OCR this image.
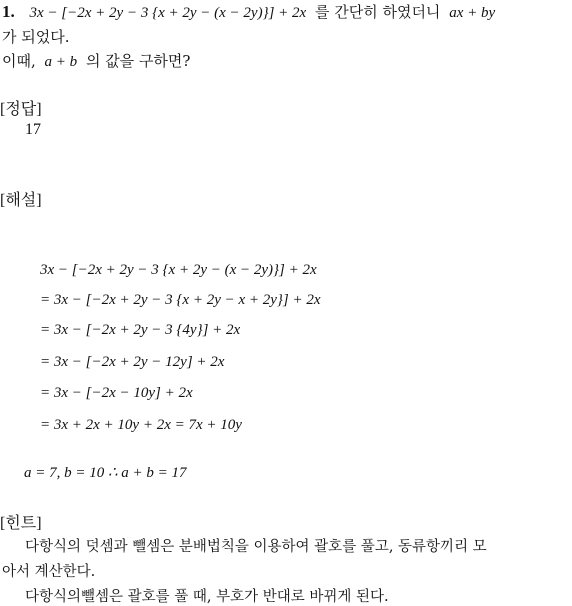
1. 3x − [−2x + 2y − 3 {x + 2y − (x − 2y)}] + 2x 를 간단히 하였더니 ax + by
가 되었다.
이때, a + b 의 값을 구하면?
[정답]
17
[해설]
3x − [−2x + 2y − 3 {x + 2y − (x − 2y)}] + 2x
= 3x − [−2x + 2y − 3 {x + 2y − x + 2y}] + 2x
= 3x − [−2x + 2y − 3 {4y}] + 2x
= 3x − [−2x + 2y − 12y] + 2x
= 3x − [−2x − 10y] + 2x
= 3x + 2x + 10y + 2x = 7x + 10y
a = 7, b = 10 ∴ a + b = 17
[힌트]
다항식의 덧셈과 뺄셈은 분배법칙을 이용하여 괄호를 풀고, 동류항끼리 모
아서 계산한다.
다항식의뺄셈은 괄호를 풀 때, 부호가 반대로 바뀌게 된다.
